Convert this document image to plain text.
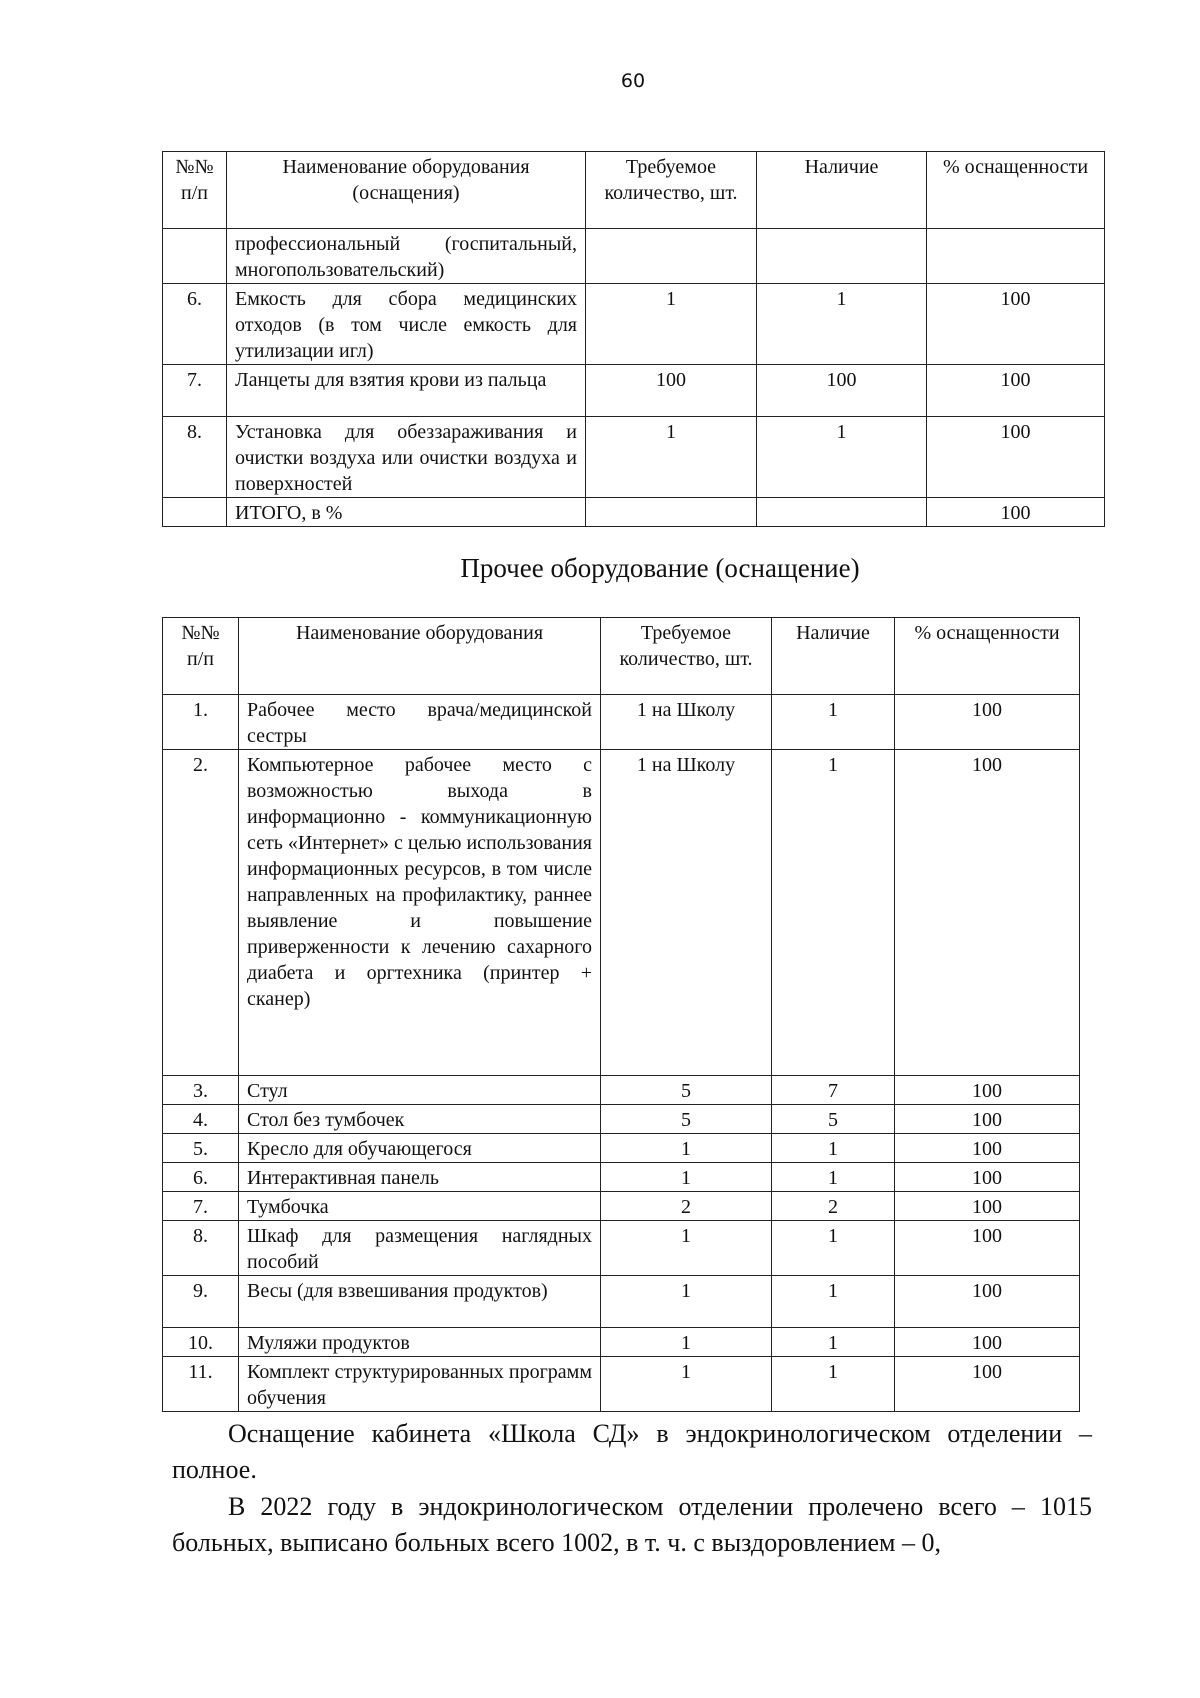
60
№№
п/п	Наименование оборудования (оснащения)	Требуемое количество, шт.	Наличие	% оснащенности
	профессиональный (госпитальный, многопользовательский)			
6.	Емкость для сбора медицинских отходов (в том числе емкость для утилизации игл)	1	1	100
7.	Ланцеты для взятия крови из пальца	100	100	100
8.	Установка для обеззараживания и очистки воздуха или очистки воздуха и поверхностей	1	1	100
	ИТОГО, в %			100
Прочее оборудование (оснащение)
№№
п/п	Наименование оборудования	Требуемое количество, шт.	Наличие	% оснащенности
1.	Рабочее место врача/медицинской сестры	1 на Школу	1	100
2.	Компьютерное рабочее место с возможностью выхода в информационно - коммуникационную сеть «Интернет» с целью использования информационных ресурсов, в том числе направленных на профилактику, раннее выявление и повышение приверженности к лечению сахарного диабета и оргтехника (принтер + сканер)	1 на Школу	1	100
3.	Стул	5	7	100
4.	Стол без тумбочек	5	5	100
5.	Кресло для обучающегося	1	1	100
6.	Интерактивная панель	1	1	100
7.	Тумбочка	2	2	100
8.	Шкаф для размещения наглядных пособий	1	1	100
9.	Весы (для взвешивания продуктов)	1	1	100
10.	Муляжи продуктов	1	1	100
11.	Комплект структурированных программ обучения	1	1	100
Оснащение кабинета «Школа СД» в эндокринологическом отделении – полное.
В 2022 году в эндокринологическом отделении пролечено всего – 1015 больных, выписано больных всего 1002, в т. ч. с выздоровлением – 0,
